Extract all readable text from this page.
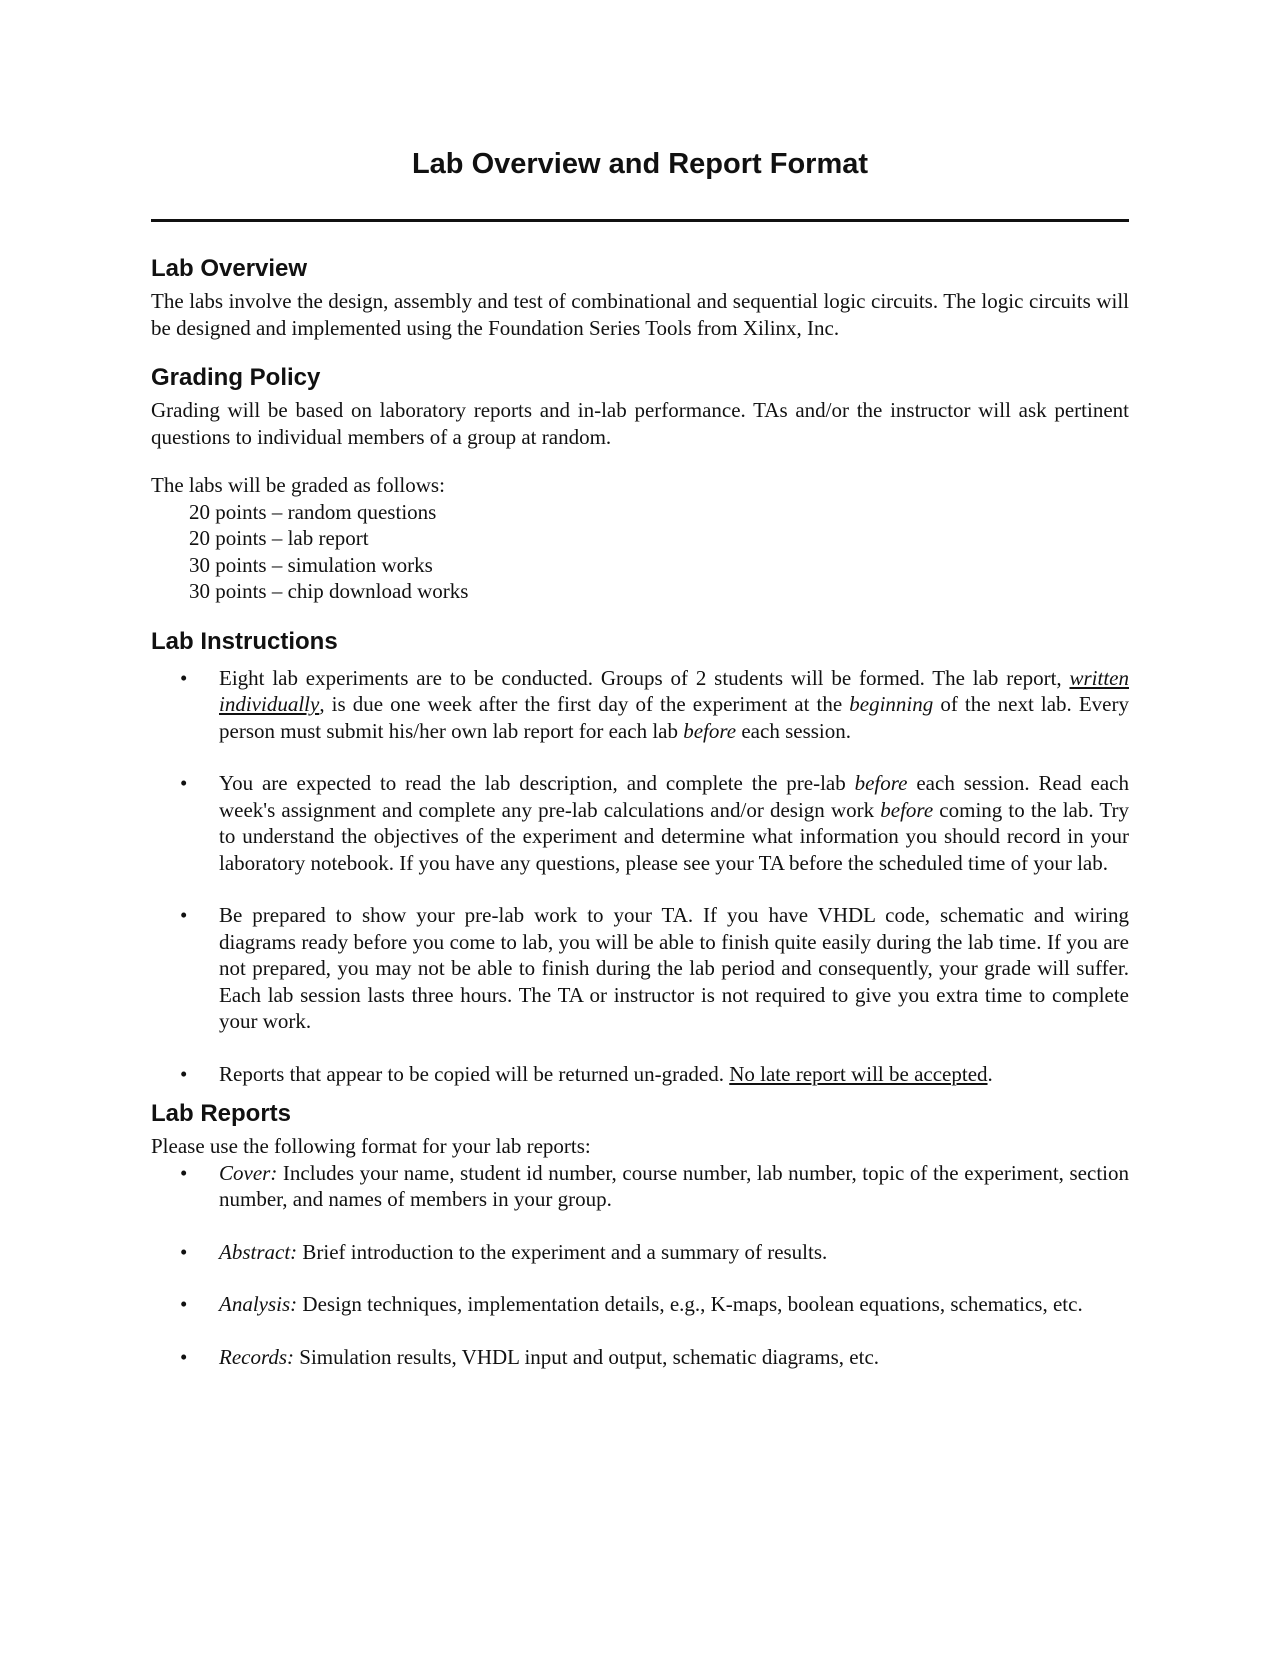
Lab Overview and Report Format
Lab Overview

The labs involve the design, assembly and test of combinational and sequential logic circuits. The logic circuits will be designed and implemented using the Foundation Series Tools from Xilinx, Inc.

Grading Policy

Grading will be based on laboratory reports and in-lab performance. TAs and/or the instructor will ask pertinent questions to individual members of a group at random.

The labs will be graded as follows:

20 points – random questions
20 points – lab report
30 points – simulation works
30 points – chip download works
Lab Instructions
• Eight lab experiments are to be conducted. Groups of 2 students will be formed. The lab report, written individually, is due one week after the first day of the experiment at the beginning of the next lab. Every person must submit his/her own lab report for each lab before each session.
• You are expected to read the lab description, and complete the pre-lab before each session. Read each week's assignment and complete any pre-lab calculations and/or design work before coming to the lab. Try to understand the objectives of the experiment and determine what information you should record in your laboratory notebook. If you have any questions, please see your TA before the scheduled time of your lab.
• Be prepared to show your pre-lab work to your TA. If you have VHDL code, schematic and wiring diagrams ready before you come to lab, you will be able to finish quite easily during the lab time. If you are not prepared, you may not be able to finish during the lab period and consequently, your grade will suffer. Each lab session lasts three hours. The TA or instructor is not required to give you extra time to complete your work.
• Reports that appear to be copied will be returned un-graded. No late report will be accepted.
Lab Reports

Please use the following format for your lab reports:

• Cover: Includes your name, student id number, course number, lab number, topic of the experiment, section number, and names of members in your group.
• Abstract: Brief introduction to the experiment and a summary of results.
• Analysis: Design techniques, implementation details, e.g., K-maps, boolean equations, schematics, etc.
• Records: Simulation results, VHDL input and output, schematic diagrams, etc.
